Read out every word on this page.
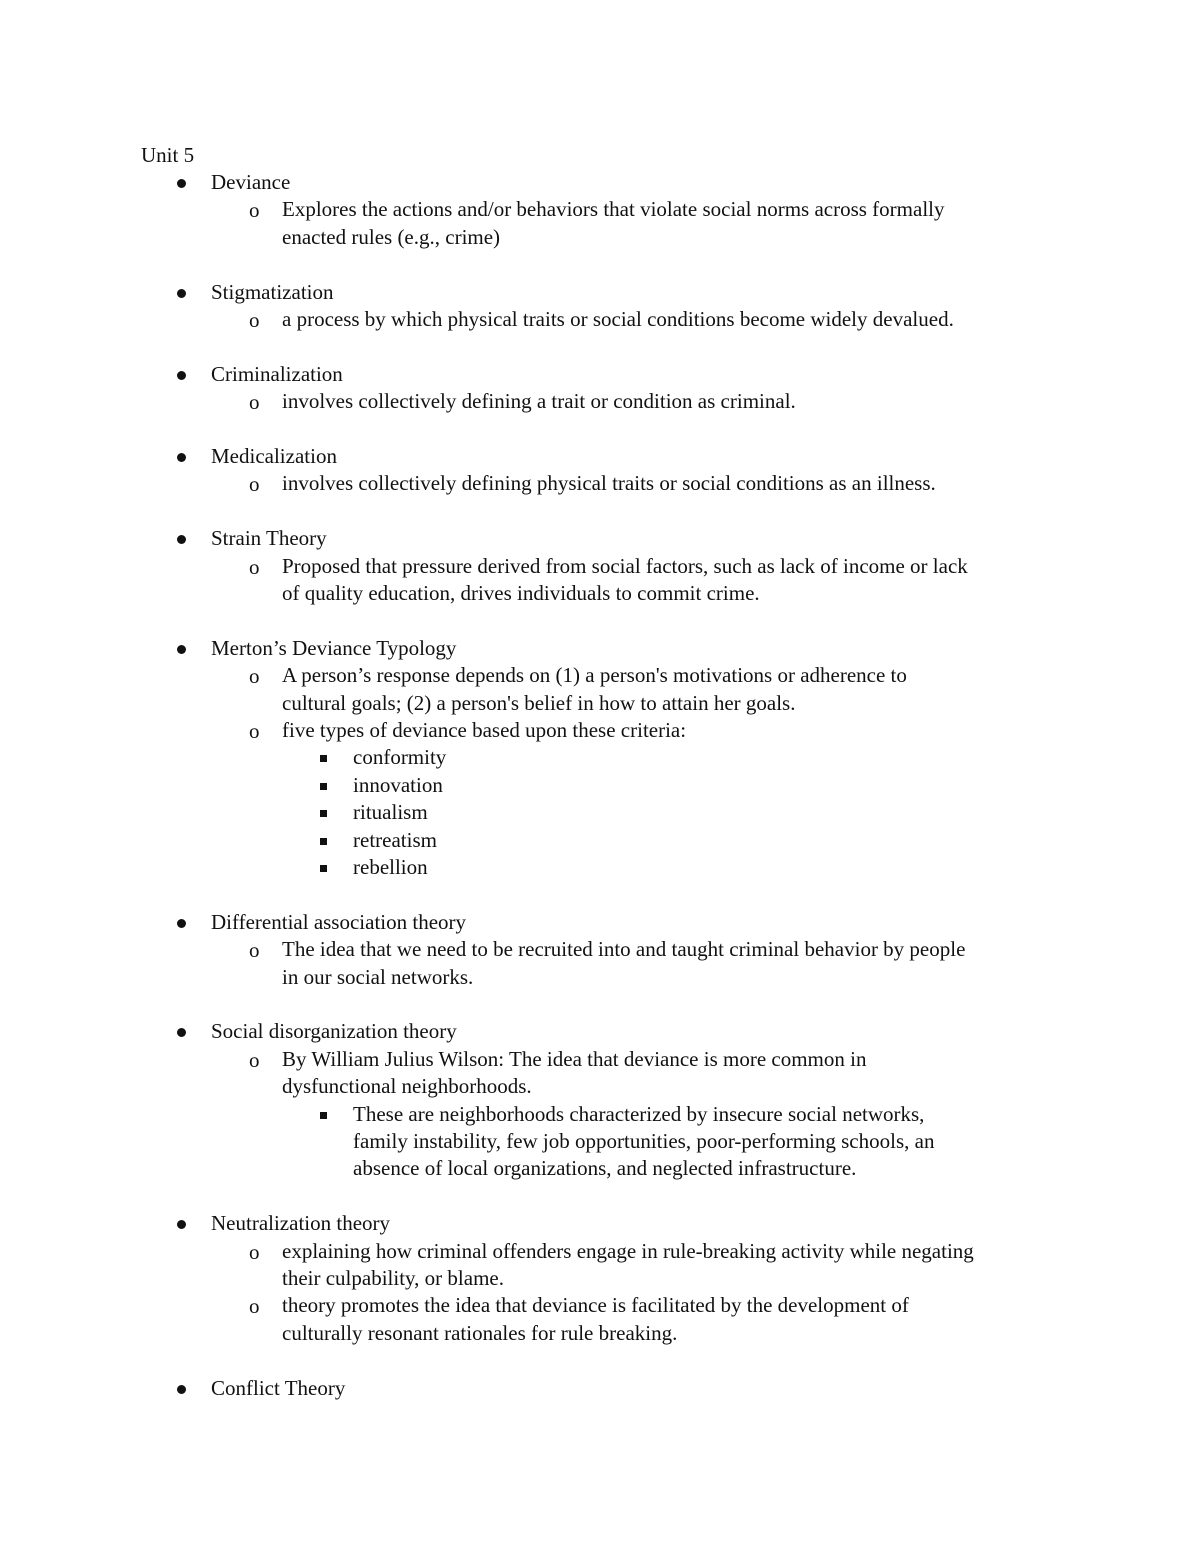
Unit 5
Deviance
o Explores the actions and/or behaviors that violate social norms across formally
enacted rules (e.g., crime)
Stigmatization
o a process by which physical traits or social conditions become widely devalued.
Criminalization
o involves collectively defining a trait or condition as criminal.
Medicalization
o involves collectively defining physical traits or social conditions as an illness.
Strain Theory
o Proposed that pressure derived from social factors, such as lack of income or lack
of quality education, drives individuals to commit crime.
Merton’s Deviance Typology
o A person’s response depends on (1) a person's motivations or adherence to
cultural goals; (2) a person's belief in how to attain her goals.
o five types of deviance based upon these criteria:
conformity
innovation
ritualism
retreatism
rebellion
Differential association theory
o The idea that we need to be recruited into and taught criminal behavior by people
in our social networks.
Social disorganization theory
o By William Julius Wilson: The idea that deviance is more common in
dysfunctional neighborhoods.
These are neighborhoods characterized by insecure social networks,
family instability, few job opportunities, poor-performing schools, an
absence of local organizations, and neglected infrastructure.
Neutralization theory
o explaining how criminal offenders engage in rule-breaking activity while negating
their culpability, or blame.
o theory promotes the idea that deviance is facilitated by the development of
culturally resonant rationales for rule breaking.
Conflict Theory
